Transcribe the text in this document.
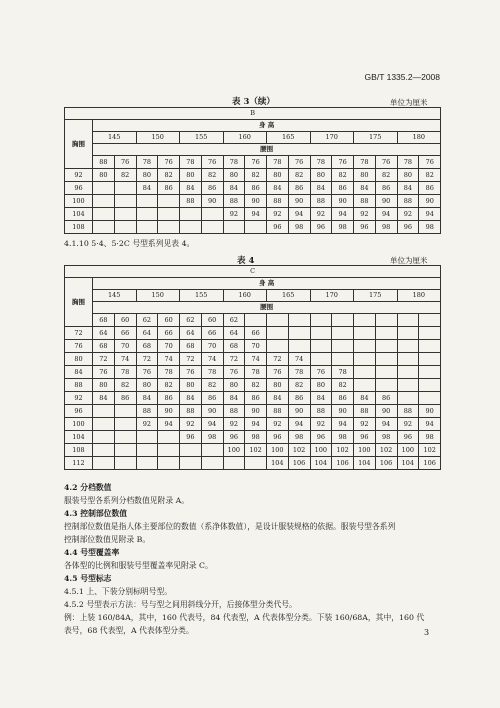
GB/T 1335.2—2008
表 3（续）	单位为厘米
B																	
胸围	身 高																
	145		150		155		160		165		170		175		180		
	腰围																
	88	76	78	76	78	76	78	76	78	76	78	76	78	76	78	76	
92	80	82	80	82	80	82	80	82	80	82	80	82	80	82	80	82	
96			84	86	84	86	84	86	84	86	84	86	84	86	84	86	
100					88	90	88	90	88	90	88	90	88	90	88	90	
104							92	94	92	94	92	94	92	94	92	94	
108									96	98	96	98	96	98	96	98	
4.1.10 5·4、5·2C 号型系列见表 4。
表 4	单位为厘米
C																	
胸围	身 高																
	145		150		155		160		165		170		175		180		
	腰围																
	68	60	62	60	62	60	62										
72	64	66	64	66	64	66	64	66									
76	68	70	68	70	68	70	68	70									
80	72	74	72	74	72	74	72	74	72	74							
84	76	78	76	78	76	78	76	78	76	78	76	78					
88	80	82	80	82	80	82	80	82	80	82	80	82					
92	84	86	84	86	84	86	84	86	84	86	84	86	84	86			
96			88	90	88	90	88	90	88	90	88	90	88	90	88	90	
100			92	94	92	94	92	94	92	94	92	94	92	94	92	94	
104					96	98	96	98	96	98	96	98	96	98	96	98	
108							100	102	100	102	100	102	100	102	100	102	
112									104	106	104	106	104	106	104	106	
4.2 分档数值
服装号型各系列分档数值见附录 A。
4.3 控制部位数值
控制部位数值是指人体主要部位的数值（系净体数值），是设计服装规格的依据。服装号型各系列
控制部位数值见附录 B。
4.4 号型覆盖率
各体型的比例和服装号型覆盖率见附录 C。
4.5 号型标志
4.5.1 上、下装分别标明号型。
4.5.2 号型表示方法：号与型之间用斜线分开，后接体型分类代号。
例：上装 160/84A，其中，160 代表号，84 代表型，A 代表体型分类。下装 160/68A，其中，160 代
表号，68 代表型，A 代表体型分类。	3
